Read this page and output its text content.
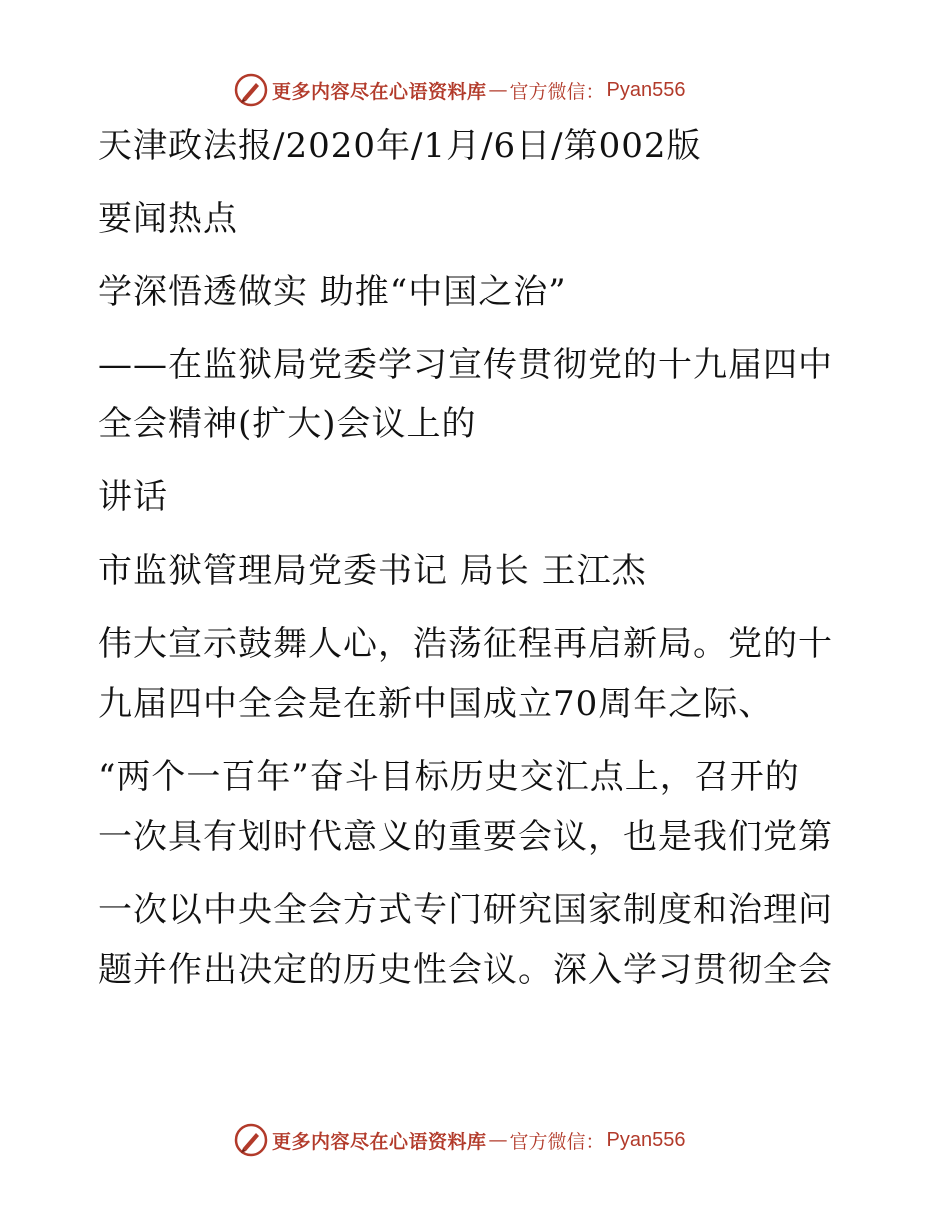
更多内容尽在心语资料库 — 官方微信： Pyan556
天津政法报/2020年/1月/6日/第002版
要闻热点
学深悟透做实 助推“中国之治”
——在监狱局党委学习宣传贯彻党的十九届四中
全会精神(扩大)会议上的
讲话
市监狱管理局党委书记 局长 王江杰
伟大宣示鼓舞人心，浩荡征程再启新局。党的十
九届四中全会是在新中国成立70周年之际、
“两个一百年”奋斗目标历史交汇点上，召开的
一次具有划时代意义的重要会议，也是我们党第
一次以中央全会方式专门研究国家制度和治理问
题并作出决定的历史性会议。深入学习贯彻全会
更多内容尽在心语资料库 — 官方微信： Pyan556
